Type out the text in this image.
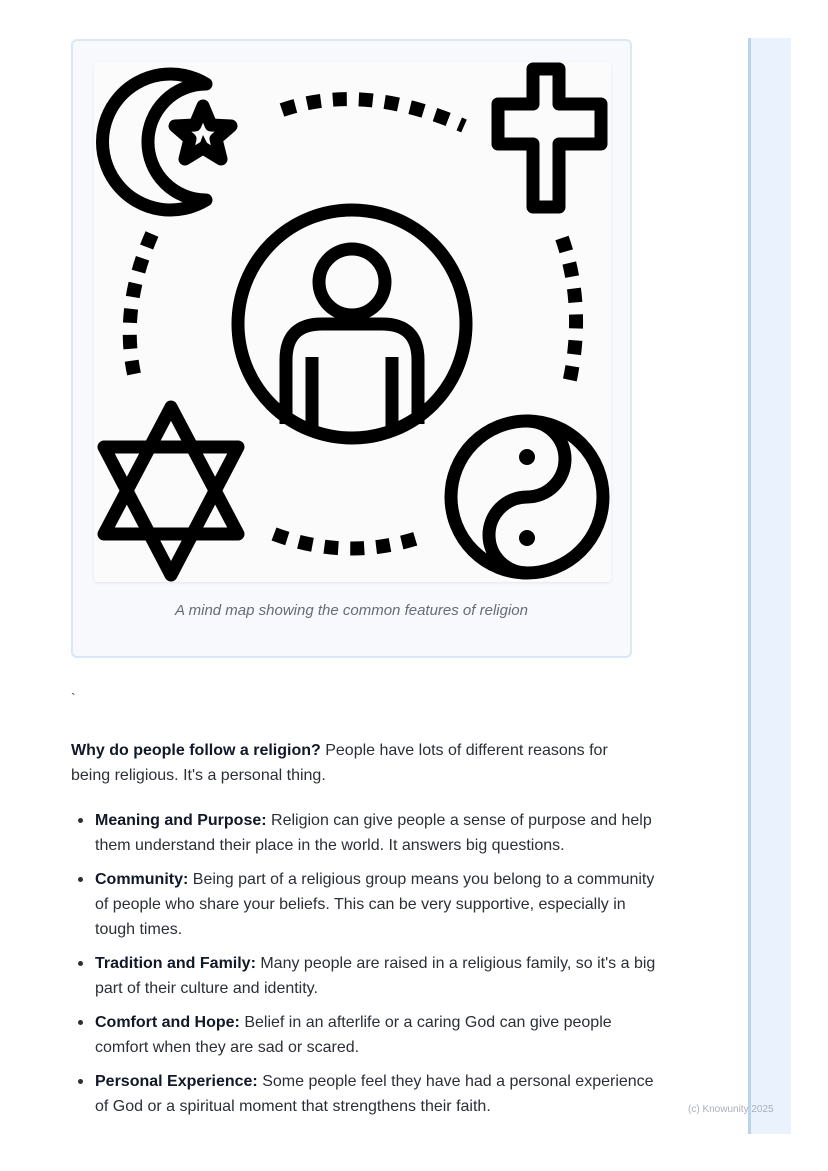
A mind map showing the common features of religion
`
Why do people follow a religion? People have lots of different reasons for being religious. It's a personal thing.
Meaning and Purpose: Religion can give people a sense of purpose and help them understand their place in the world. It answers big questions.
Community: Being part of a religious group means you belong to a community of people who share your beliefs. This can be very supportive, especially in tough times.
Tradition and Family: Many people are raised in a religious family, so it's a big part of their culture and identity.
Comfort and Hope: Belief in an afterlife or a caring God can give people comfort when they are sad or scared.
Personal Experience: Some people feel they have had a personal experience of God or a spiritual moment that strengthens their faith.	(c) Knowunity 2025
